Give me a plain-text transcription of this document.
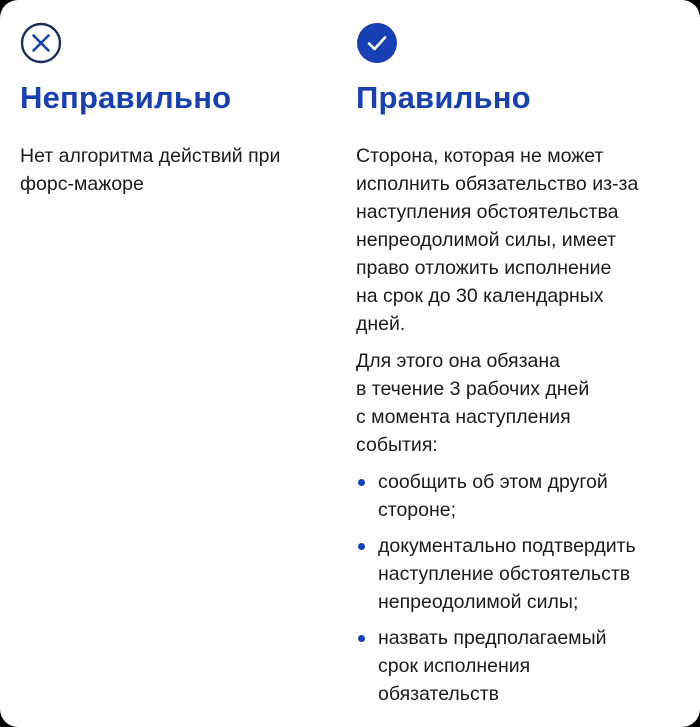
Неправильно
Нет алгоритма действий при
форс-мажоре
Правильно

Сторона, которая не может
исполнить обязательство из-за
наступления обстоятельства
непреодолимой силы, имеет
право отложить исполнение
на срок до 30 календарных
дней.

Для этого она обязана
в течение 3 рабочих дней
с момента наступления
события:

сообщить об этом другой
стороне;
документально подтвердить
наступление обстоятельств
непреодолимой силы;
назвать предполагаемый
срок исполнения
обязательств
